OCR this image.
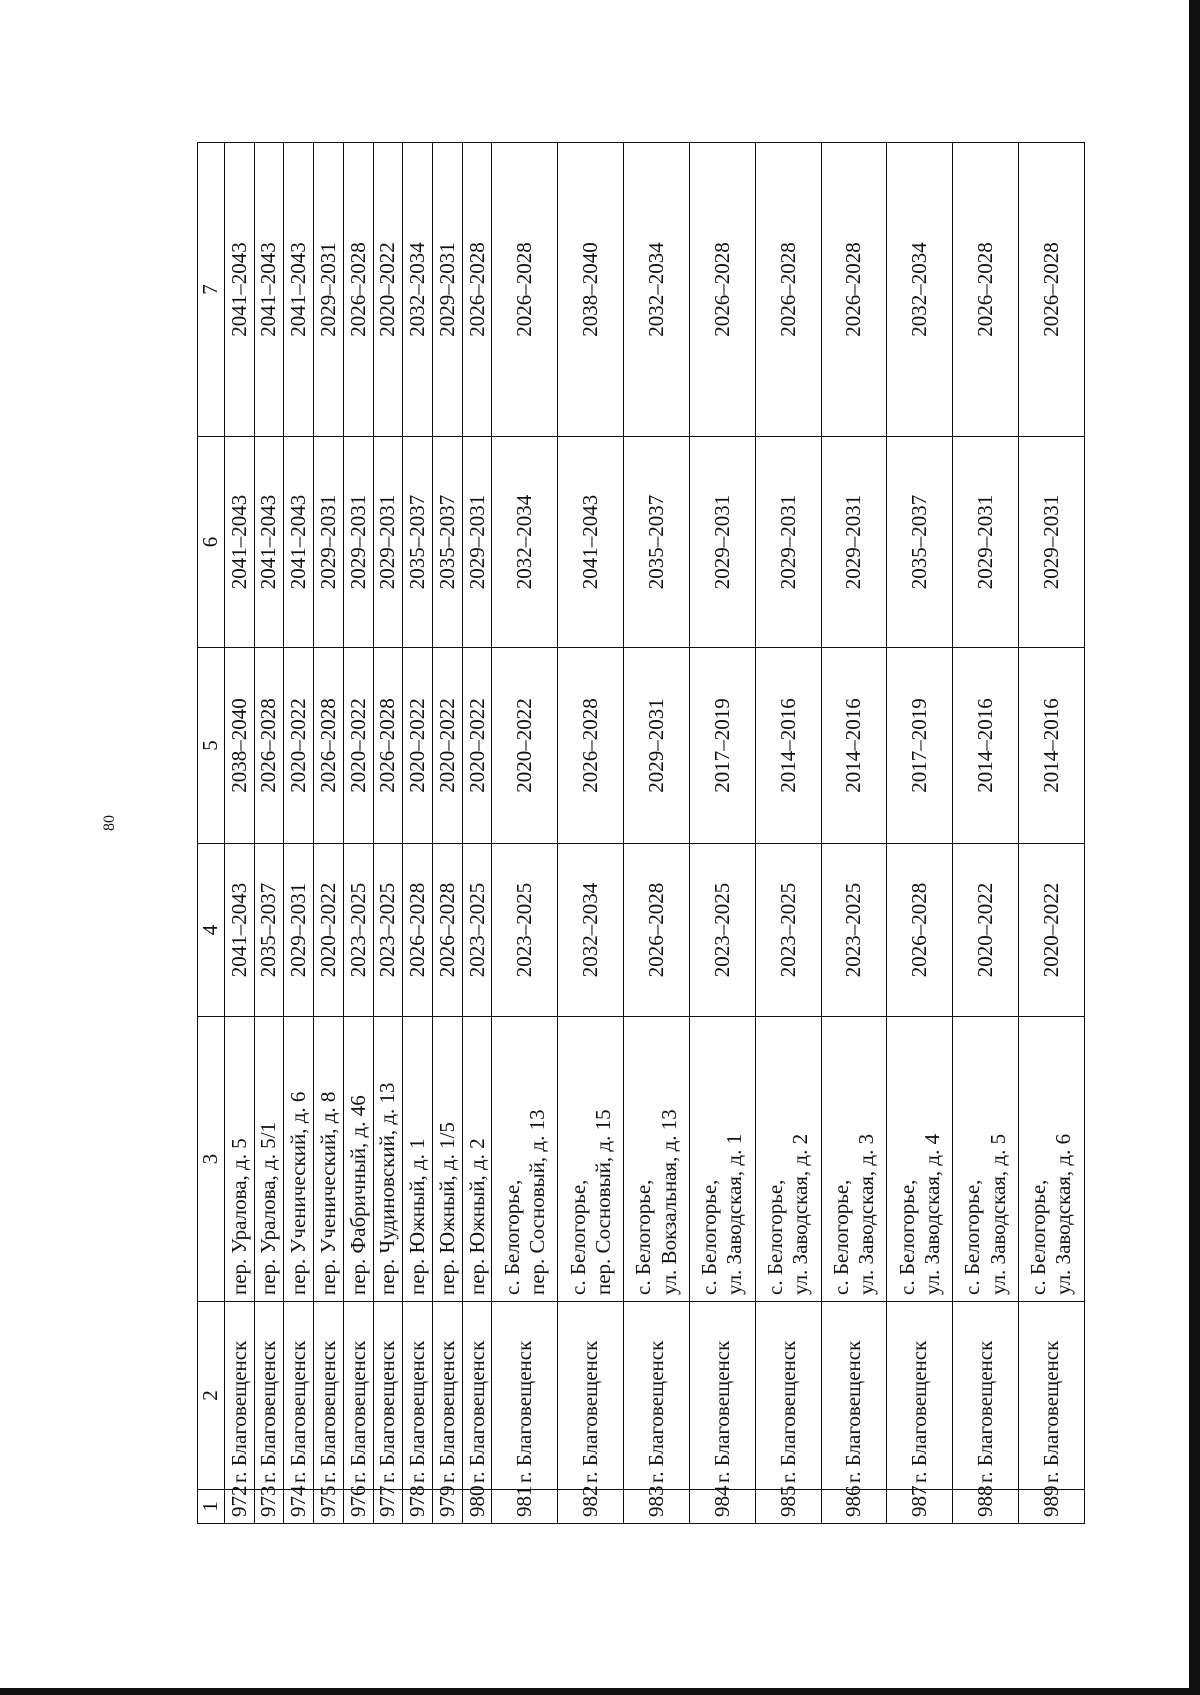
80
1	2	3	4	5	6	7
972	г. Благовещенск	пер. Уралова, д. 5	2041–2043	2038–2040	2041–2043	2041–2043
973	г. Благовещенск	пер. Уралова, д. 5/1	2035–2037	2026–2028	2041–2043	2041–2043
974	г. Благовещенск	пер. Ученический, д. 6	2029–2031	2020–2022	2041–2043	2041–2043
975	г. Благовещенск	пер. Ученический, д. 8	2020–2022	2026–2028	2029–2031	2029–2031
976	г. Благовещенск	пер. Фабричный, д. 46	2023–2025	2020–2022	2029–2031	2026–2028
977	г. Благовещенск	пер. Чудиновский, д. 13	2023–2025	2026–2028	2029–2031	2020–2022
978	г. Благовещенск	пер. Южный, д. 1	2026–2028	2020–2022	2035–2037	2032–2034
979	г. Благовещенск	пер. Южный, д. 1/5	2026–2028	2020–2022	2035–2037	2029–2031
980	г. Благовещенск	пер. Южный, д. 2	2023–2025	2020–2022	2029–2031	2026–2028
981	г. Благовещенск	с. Белогорье, пер. Сосновый, д. 13	2023–2025	2020–2022	2032–2034	2026–2028
982	г. Благовещенск	с. Белогорье, пер. Сосновый, д. 15	2032–2034	2026–2028	2041–2043	2038–2040
983	г. Благовещенск	с. Белогорье, ул. Вокзальная, д. 13	2026–2028	2029–2031	2035–2037	2032–2034
984	г. Благовещенск	с. Белогорье, ул. Заводская, д. 1	2023–2025	2017–2019	2029–2031	2026–2028
985	г. Благовещенск	с. Белогорье, ул. Заводская, д. 2	2023–2025	2014–2016	2029–2031	2026–2028
986	г. Благовещенск	с. Белогорье, ул. Заводская, д. 3	2023–2025	2014–2016	2029–2031	2026–2028
987	г. Благовещенск	с. Белогорье, ул. Заводская, д. 4	2026–2028	2017–2019	2035–2037	2032–2034
988	г. Благовещенск	с. Белогорье, ул. Заводская, д. 5	2020–2022	2014–2016	2029–2031	2026–2028
989	г. Благовещенск	с. Белогорье, ул. Заводская, д. 6	2020–2022	2014–2016	2029–2031	2026–2028
